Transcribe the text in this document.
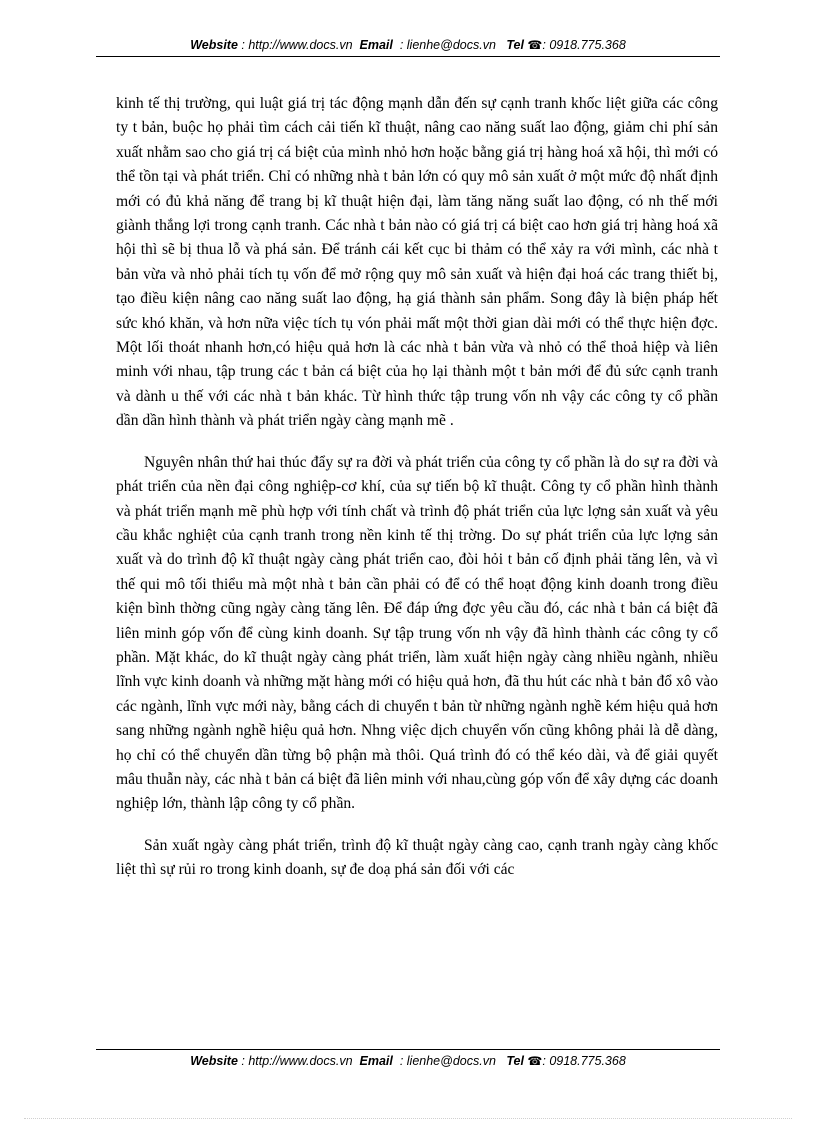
Website : http://www.docs.vn Email : lienhe@docs.vn Tel ☎: 0918.775.368

kinh tế thị trường, qui luật giá trị tác động mạnh dẫn đến sự cạnh tranh khốc liệt giữa các công ty t bản, buộc họ phải tìm cách cải tiến kĩ thuật, nâng cao năng suất lao động, giảm chi phí sản xuất nhằm sao cho giá trị cá biệt của mình nhỏ hơn hoặc bằng giá trị hàng hoá xã hội, thì mới có thể tồn tại và phát triển. Chỉ có những nhà t bản lớn có quy mô sản xuất ở một mức độ nhất định mới có đủ khả năng để trang bị kĩ thuật hiện đại, làm tăng năng suất lao động, có nh thế mới giành thắng lợi trong cạnh tranh. Các nhà t bản nào có giá trị cá biệt cao hơn giá trị hàng hoá xã hội thì sẽ bị thua lỗ và phá sản. Để tránh cái kết cục bi thảm có thể xảy ra với mình, các nhà t bản vừa và nhỏ phải tích tụ vốn để mở rộng quy mô sản xuất và hiện đại hoá các trang thiết bị, tạo điều kiện nâng cao năng suất lao động, hạ giá thành sản phẩm. Song đây là biện pháp hết sức khó khăn, và hơn nữa việc tích tụ vón phải mất một thời gian dài mới có thể thực hiện đợc. Một lối thoát nhanh hơn,có hiệu quả hơn là các nhà t bản vừa và nhỏ có thể thoả hiệp và liên minh với nhau, tập trung các t bản cá biệt của họ lại thành một t bản mới để đủ sức cạnh tranh và dành u thế với các nhà t bản khác. Từ hình thức tập trung vốn nh vậy các công ty cổ phần dần dần hình thành và phát triển ngày càng mạnh mẽ .

Nguyên nhân thứ hai thúc đẩy sự ra đời và phát triển của công ty cổ phần là do sự ra đời và phát triển của nền đại công nghiệp-cơ khí, của sự tiến bộ kĩ thuật. Công ty cổ phần hình thành và phát triển mạnh mẽ phù hợp với tính chất và trình độ phát triển của lực lợng sản xuất và yêu cầu khắc nghiệt của cạnh tranh trong nền kinh tế thị trờng. Do sự phát triển của lực lợng sản xuất và do trình độ kĩ thuật ngày càng phát triển cao, đòi hỏi t bản cố định phải tăng lên, và vì thế qui mô tối thiểu mà một nhà t bản cần phải có để có thể hoạt động kinh doanh trong điều kiện bình thờng cũng ngày càng tăng lên. Để đáp ứng đợc yêu cầu đó, các nhà t bản cá biệt đã liên minh góp vốn để cùng kinh doanh. Sự tập trung vốn nh vậy đã hình thành các công ty cổ phần. Mặt khác, do kĩ thuật ngày càng phát triển, làm xuất hiện ngày càng nhiều ngành, nhiều lĩnh vực kinh doanh và những mặt hàng mới có hiệu quả hơn, đã thu hút các nhà t bản đổ xô vào các ngành, lĩnh vực mới này, bằng cách di chuyển t bản từ những ngành nghề kém hiệu quả hơn sang những ngành nghề hiệu quả hơn. Nhng việc dịch chuyển vốn cũng không phải là dễ dàng, họ chỉ có thể chuyển dần từng bộ phận mà thôi. Quá trình đó có thể kéo dài, và để giải quyết mâu thuẫn này, các nhà t bản cá biệt đã liên minh với nhau,cùng góp vốn để xây dựng các doanh nghiệp lớn, thành lập công ty cổ phần.

Sản xuất ngày càng phát triển, trình độ kĩ thuật ngày càng cao, cạnh tranh ngày càng khốc liệt thì sự rủi ro trong kinh doanh, sự đe doạ phá sản đối với các

Website : http://www.docs.vn Email : lienhe@docs.vn Tel ☎: 0918.775.368
